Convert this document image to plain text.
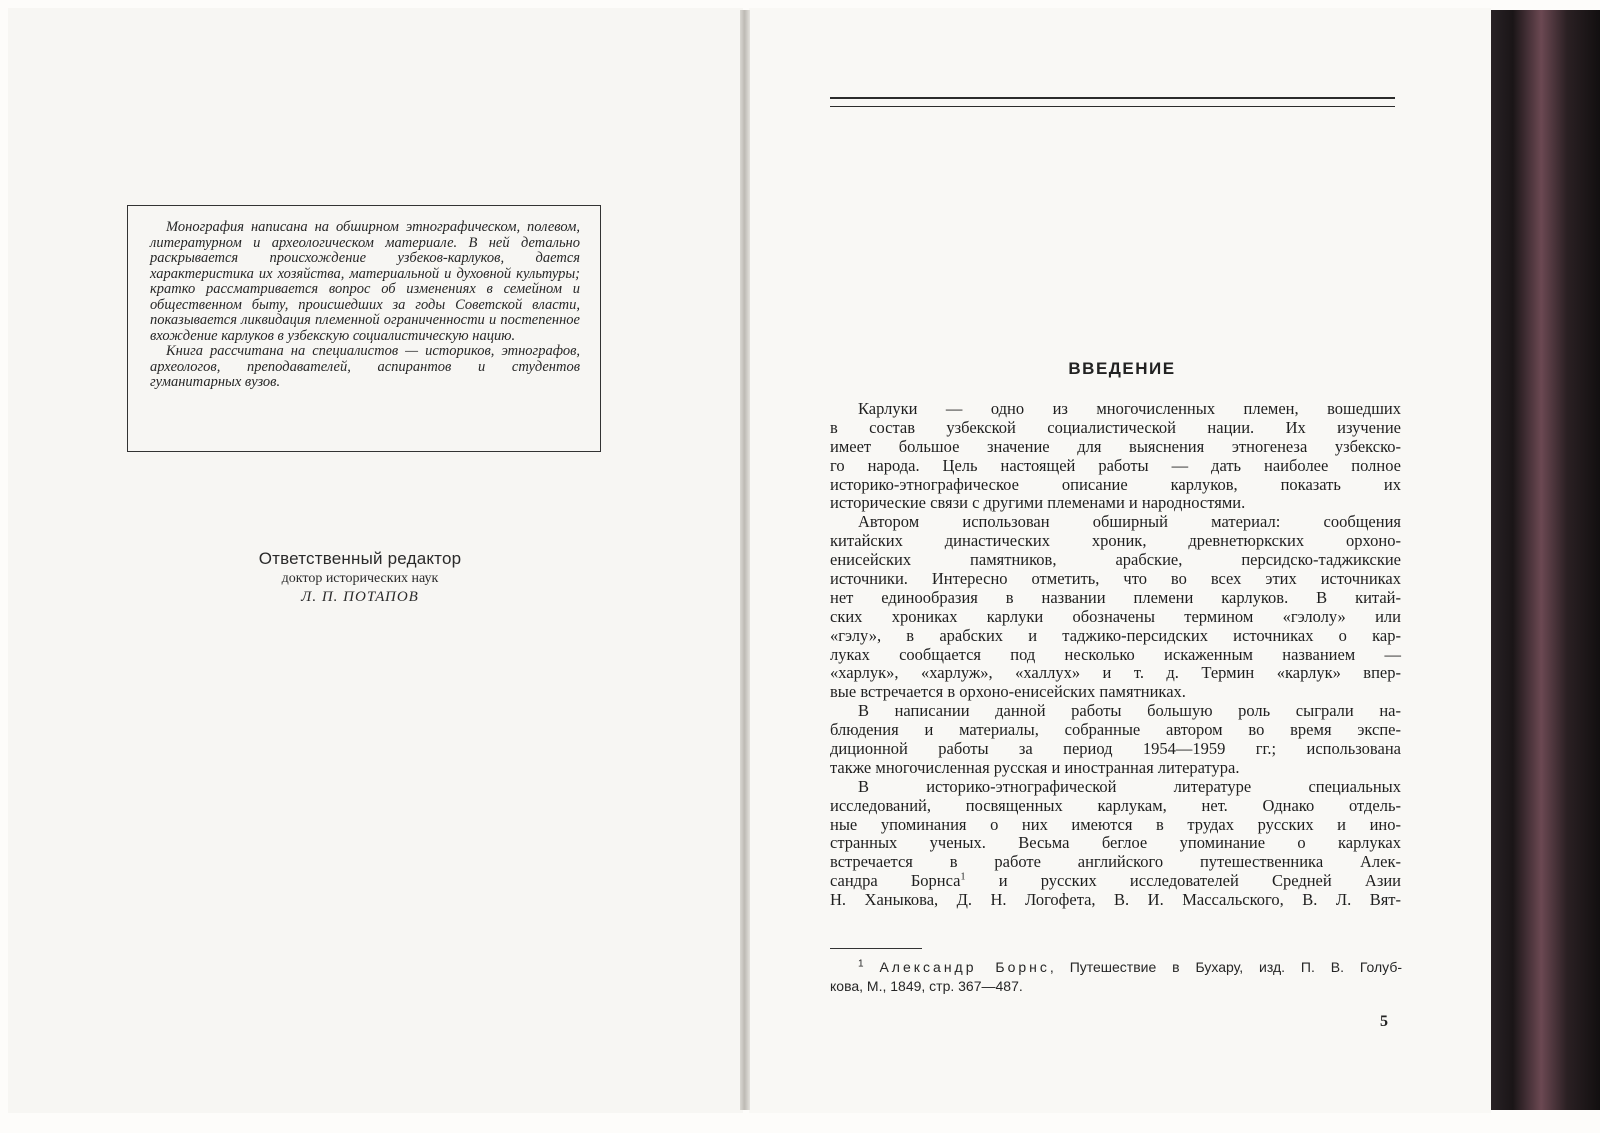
Монография написана на обширном этнографическом, полевом, литературном и археологическом материале. В ней детально раскрывается происхождение узбеков-карлуков, дается характеристика их хозяйства, материальной и духовной культуры; кратко рассматривается вопрос об изменениях в семейном и общественном быту, происшедших за годы Советской власти, показывается ликвидация племенной ограниченности и постепенное вхождение карлуков в узбекскую социалистическую нацию.

Книга рассчитана на специалистов — историков, этнографов, археологов, преподавателей, аспирантов и студентов гуманитарных вузов.

Ответственный редактор
доктор исторических наук
Л. П. ПОТАПОВ
ВВЕДЕНИЕ
Карлуки — одно из многочисленных племен, вошедших
в состав узбекской социалистической нации. Их изучение
имеет большое значение для выяснения этногенеза узбекско-
го народа. Цель настоящей работы — дать наиболее полное
историко-этнографическое описание карлуков, показать их
исторические связи с другими племенами и народностями.
Автором использован обширный материал: сообщения
китайских династических хроник, древнетюркских орхоно-
енисейских памятников, арабские, персидско-таджикские
источники. Интересно отметить, что во всех этих источниках
нет единообразия в названии племени карлуков. В китай-
ских хрониках карлуки обозначены термином «гэлолу» или
«гэлу», в арабских и таджико-персидских источниках о кар-
луках сообщается под несколько искаженным названием —
«харлук», «харлуж», «халлух» и т. д. Термин «карлук» впер-
вые встречается в орхоно-енисейских памятниках.
В написании данной работы большую роль сыграли на-
блюдения и материалы, собранные автором во время экспе-
диционной работы за период 1954—1959 гг.; использована
также многочисленная русская и иностранная литература.
В историко-этнографической литературе специальных
исследований, посвященных карлукам, нет. Однако отдель-
ные упоминания о них имеются в трудах русских и ино-
странных ученых. Весьма беглое упоминание о карлуках
встречается в работе английского путешественника Алек-
сандра Борнса$^1$ и русских исследователей Средней Азии
Н. Ханыкова, Д. Н. Логофета, В. И. Массальского, В. Л. Вят-
$^1$ Александр Борнс, Путешествие в Бухару, изд. П. В. Голуб-
кова, М., 1849, стр. 367—487.
5
